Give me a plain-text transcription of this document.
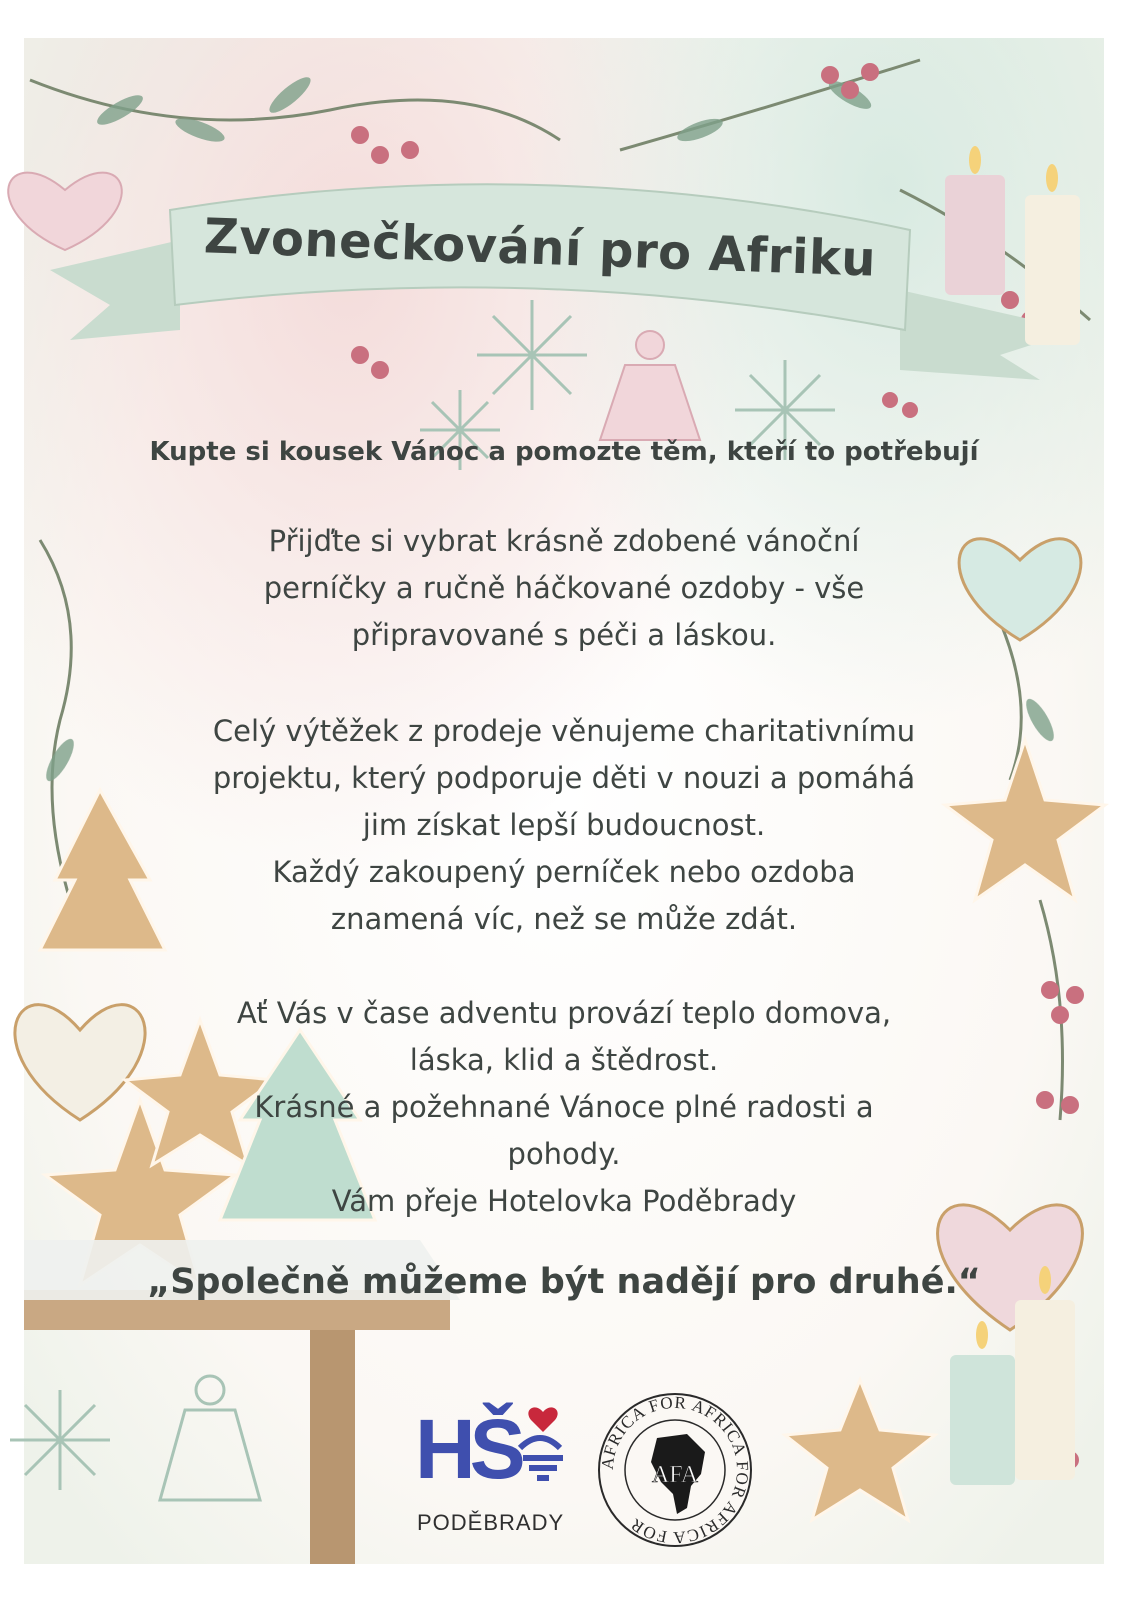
Zvonečkování pro Afriku
Kupte si kousek Vánoc a pomozte těm, kteří to potřebují
Přijďte si vybrat krásně zdobené vánoční
perníčky a ručně háčkované ozdoby - vše
připravované s péči a láskou.
Celý výtěžek z prodeje věnujeme charitativnímu
projektu, který podporuje děti v nouzi a pomáhá
jim získat lepší budoucnost.
Každý zakoupený perníček nebo ozdoba
znamená víc, než se může zdát.
Ať Vás v čase adventu provází teplo domova,
láska, klid a štědrost.
Krásné a požehnané Vánoce plné radosti a
pohody.
Vám přeje Hotelovka Poděbrady
„Společně můžeme být nadějí pro druhé.“
HŠ
PODĚBRADY
AFRICA FOR AFRICA FOR AFRICA FOR
AFA
